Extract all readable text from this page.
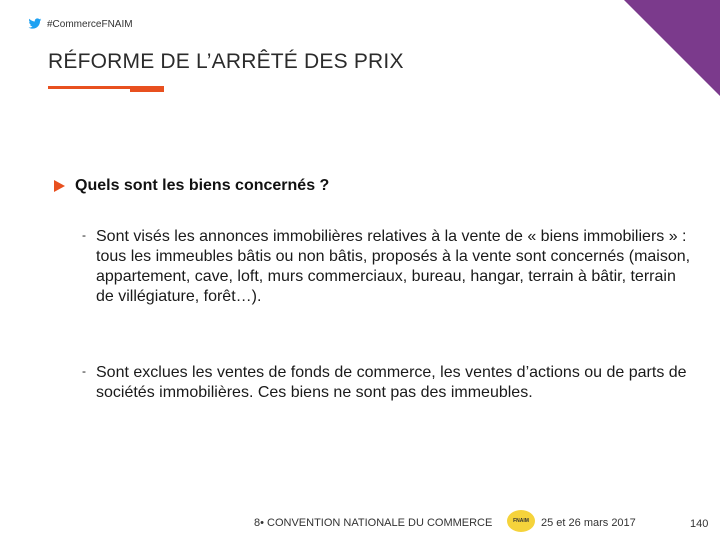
#CommerceFNAIM
RÉFORME DE L’ARRÊTÉ DES PRIX
Quels sont les biens concernés ?
- Sont visés les annonces immobilières relatives à la vente de « biens immobiliers » : tous les immeubles bâtis ou non bâtis, proposés à la vente sont concernés (maison, appartement, cave, loft, murs commerciaux, bureau, hangar, terrain à bâtir, terrain de villégiature, forêt…).
- Sont exclues les ventes de fonds de commerce, les ventes d’actions ou de parts de sociétés immobilières. Ces biens ne sont pas des immeubles.
8• CONVENTION NATIONALE DU COMMERCE	FNAIM 25 et 26 mars 2017	140
